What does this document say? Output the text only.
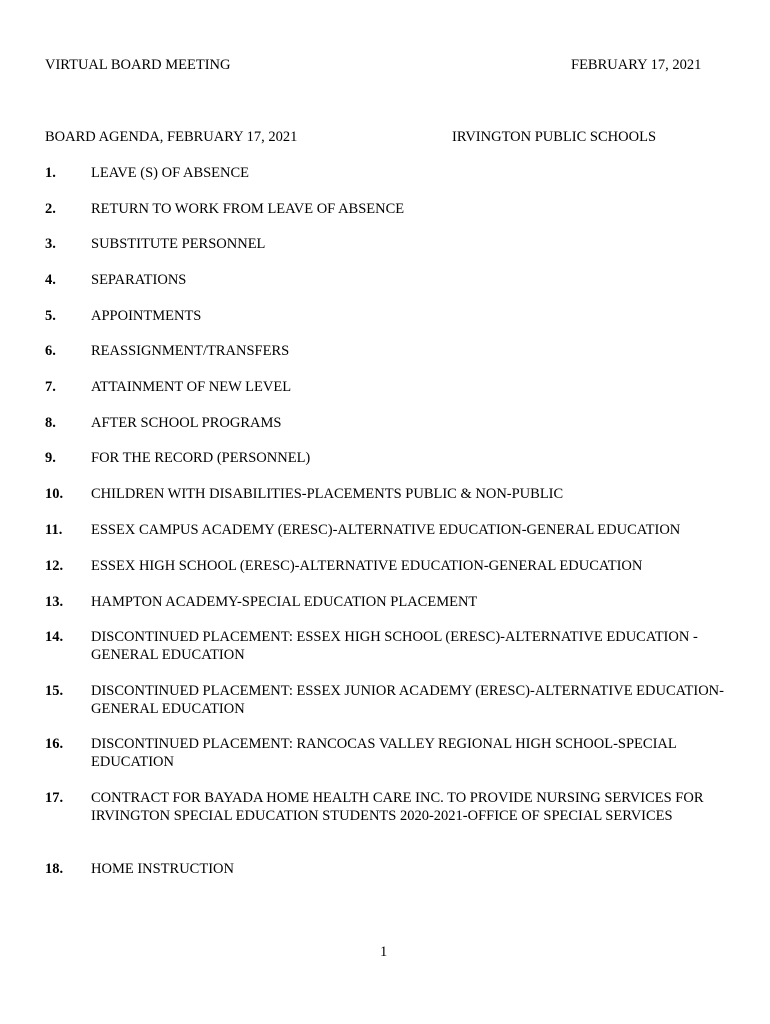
VIRTUAL BOARD MEETING	FEBRUARY 17, 2021
BOARD AGENDA, FEBRUARY 17, 2021	IRVINGTON PUBLIC SCHOOLS
1. LEAVE (S) OF ABSENCE
2. RETURN TO WORK FROM LEAVE OF ABSENCE
3. SUBSTITUTE PERSONNEL
4. SEPARATIONS
5. APPOINTMENTS
6. REASSIGNMENT/TRANSFERS
7. ATTAINMENT OF NEW LEVEL
8. AFTER SCHOOL PROGRAMS
9. FOR THE RECORD (PERSONNEL)
10. CHILDREN WITH DISABILITIES-PLACEMENTS PUBLIC & NON-PUBLIC
11. ESSEX CAMPUS ACADEMY (ERESC)-ALTERNATIVE EDUCATION-GENERAL EDUCATION
12. ESSEX HIGH SCHOOL (ERESC)-ALTERNATIVE EDUCATION-GENERAL EDUCATION
13. HAMPTON ACADEMY-SPECIAL EDUCATION PLACEMENT
14. DISCONTINUED PLACEMENT: ESSEX HIGH SCHOOL (ERESC)-ALTERNATIVE EDUCATION -GENERAL EDUCATION
15. DISCONTINUED PLACEMENT: ESSEX JUNIOR ACADEMY (ERESC)-ALTERNATIVE EDUCATION-GENERAL EDUCATION
16. DISCONTINUED PLACEMENT: RANCOCAS VALLEY REGIONAL HIGH SCHOOL-SPECIAL EDUCATION
17. CONTRACT FOR BAYADA HOME HEALTH CARE INC. TO PROVIDE NURSING SERVICES FOR IRVINGTON SPECIAL EDUCATION STUDENTS 2020-2021-OFFICE OF SPECIAL SERVICES
18. HOME INSTRUCTION
1
